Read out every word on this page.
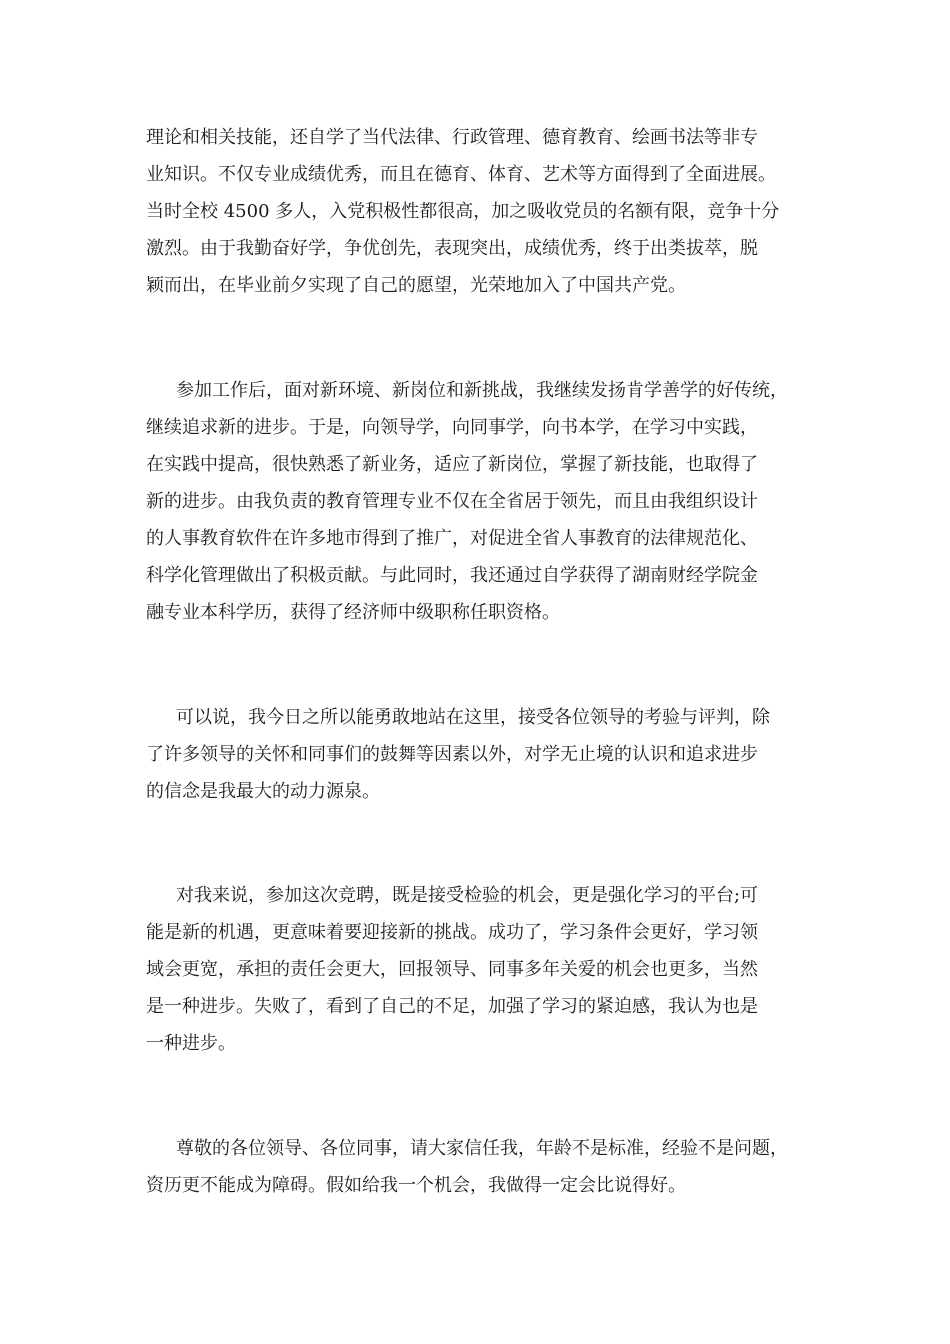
理论和相关技能，还自学了当代法律、行政管理、德育教育、绘画书法等非专

业知识。不仅专业成绩优秀，而且在德育、体育、艺术等方面得到了全面进展。

当时全校 4500 多人，入党积极性都很高，加之吸收党员的名额有限，竞争十分

激烈。由于我勤奋好学，争优创先，表现突出，成绩优秀，终于出类拔萃，脱

颖而出，在毕业前夕实现了自己的愿望，光荣地加入了中国共产党。

参加工作后，面对新环境、新岗位和新挑战，我继续发扬肯学善学的好传统，

继续追求新的进步。于是，向领导学，向同事学，向书本学，在学习中实践，

在实践中提高，很快熟悉了新业务，适应了新岗位，掌握了新技能，也取得了

新的进步。由我负责的教育管理专业不仅在全省居于领先，而且由我组织设计

的人事教育软件在许多地市得到了推广，对促进全省人事教育的法律规范化、

科学化管理做出了积极贡献。与此同时，我还通过自学获得了湖南财经学院金

融专业本科学历，获得了经济师中级职称任职资格。

可以说，我今日之所以能勇敢地站在这里，接受各位领导的考验与评判，除

了许多领导的关怀和同事们的鼓舞等因素以外，对学无止境的认识和追求进步

的信念是我最大的动力源泉。

对我来说，参加这次竞聘，既是接受检验的机会，更是强化学习的平台;可

能是新的机遇，更意味着要迎接新的挑战。成功了，学习条件会更好，学习领

域会更宽，承担的责任会更大，回报领导、同事多年关爱的机会也更多，当然

是一种进步。失败了，看到了自己的不足，加强了学习的紧迫感，我认为也是

一种进步。

尊敬的各位领导、各位同事，请大家信任我，年龄不是标准，经验不是问题，

资历更不能成为障碍。假如给我一个机会，我做得一定会比说得好。
